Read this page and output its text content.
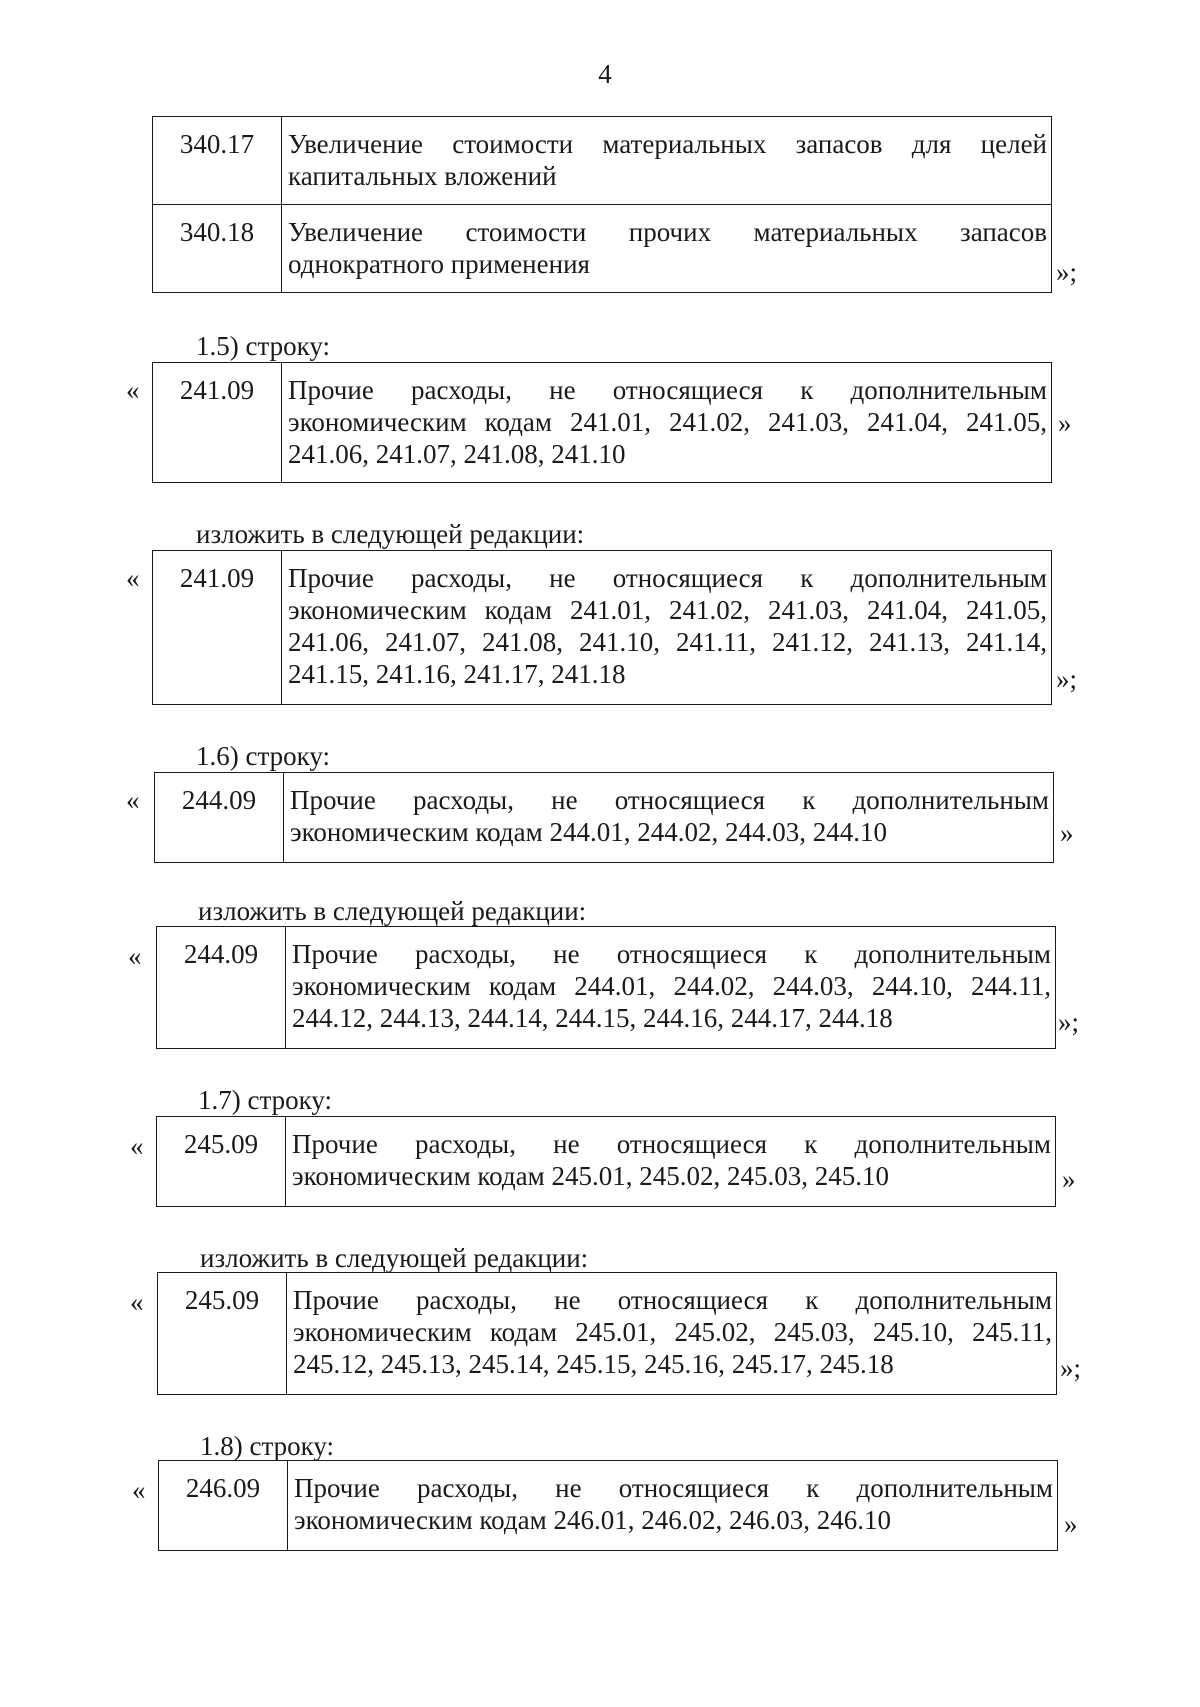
4
340.17	Увеличение стоимости материальных запасов для целей капитальных вложений
340.18	Увеличение стоимости прочих материальных запасов однократного применения	»;
1.5) строку:
« 241.09	Прочие расходы, не относящиеся к дополнительным экономическим кодам 241.01, 241.02, 241.03, 241.04, 241.05, 241.06, 241.07, 241.08, 241.10
»
изложить в следующей редакции:
« 241.09	Прочие расходы, не относящиеся к дополнительным экономическим кодам 241.01, 241.02, 241.03, 241.04, 241.05, 241.06, 241.07, 241.08, 241.10, 241.11, 241.12, 241.13, 241.14, 241.15, 241.16, 241.17, 241.18	»;
1.6) строку:
« 244.09	Прочие расходы, не относящиеся к дополнительным экономическим кодам 244.01, 244.02, 244.03, 244.10	»
изложить в следующей редакции:
« 244.09	Прочие расходы, не относящиеся к дополнительным экономическим кодам 244.01, 244.02, 244.03, 244.10, 244.11, 244.12, 244.13, 244.14, 244.15, 244.16, 244.17, 244.18	»;
1.7) строку:
« 245.09	Прочие расходы, не относящиеся к дополнительным экономическим кодам 245.01, 245.02, 245.03, 245.10	»
изложить в следующей редакции:
« 245.09	Прочие расходы, не относящиеся к дополнительным экономическим кодам 245.01, 245.02, 245.03, 245.10, 245.11, 245.12, 245.13, 245.14, 245.15, 245.16, 245.17, 245.18	»;
1.8) строку:
« 246.09	Прочие расходы, не относящиеся к дополнительным экономическим кодам 246.01, 246.02, 246.03, 246.10	»
